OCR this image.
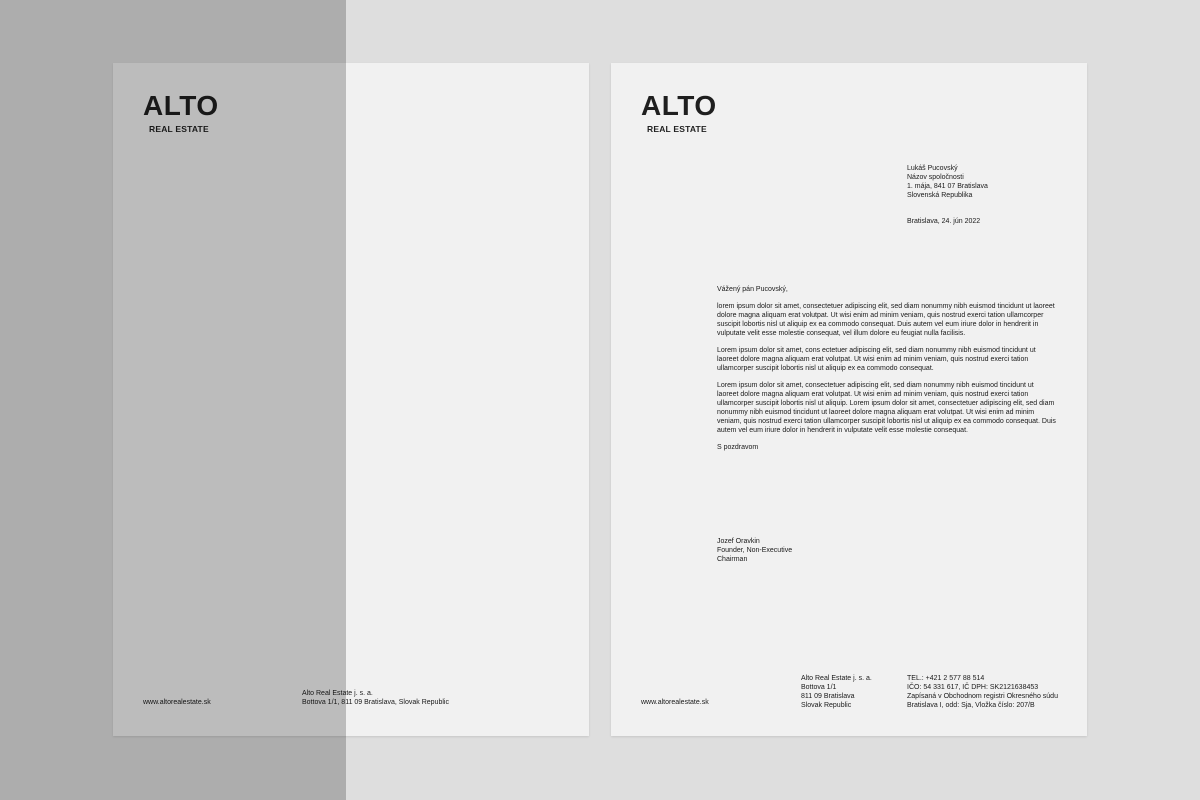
ALTO
REAL ESTATE
www.altorealestate.sk
Alto Real Estate j. s. a.
Bottova 1/1, 811 09 Bratislava, Slovak Republic
ALTO
REAL ESTATE
Lukáš Pucovský
Názov spoločnosti
1. mája, 841 07 Bratislava
Slovenská Republika
Bratislava, 24. jún 2022

Vážený pán Pucovský,

lorem ipsum dolor sit amet, consectetuer adipiscing elit, sed diam nonummy nibh euismod tincidunt ut laoreet dolore magna aliquam erat volutpat. Ut wisi enim ad minim veniam, quis nostrud exerci tation ullamcorper suscipit lobortis nisl ut aliquip ex ea commodo consequat. Duis autem vel eum iriure dolor in hendrerit in vulputate velit esse molestie consequat, vel illum dolore eu feugiat nulla facilisis.

Lorem ipsum dolor sit amet, cons ectetuer adipiscing elit, sed diam nonummy nibh euismod tincidunt ut laoreet dolore magna aliquam erat volutpat. Ut wisi enim ad minim veniam, quis nostrud exerci tation ullamcorper suscipit lobortis nisl ut aliquip ex ea commodo consequat.

Lorem ipsum dolor sit amet, consectetuer adipiscing elit, sed diam nonummy nibh euismod tincidunt ut laoreet dolore magna aliquam erat volutpat. Ut wisi enim ad minim veniam, quis nostrud exerci tation ullamcorper suscipit lobortis nisl ut aliquip. Lorem ipsum dolor sit amet, consectetuer adipiscing elit, sed diam nonummy nibh euismod tincidunt ut laoreet dolore magna aliquam erat volutpat. Ut wisi enim ad minim veniam, quis nostrud exerci tation ullamcorper suscipit lobortis nisl ut aliquip ex ea commodo consequat. Duis autem vel eum iriure dolor in hendrerit in vulputate velit esse molestie consequat.

S pozdravom

Jozef Oravkin
Founder, Non-Executive
Chairman
www.altorealestate.sk
Alto Real Estate j. s. a.
Bottova 1/1
811 09 Bratislava
Slovak Republic
TEL.: +421 2 577 88 514
IČO: 54 331 617, IČ DPH: SK2121638453
Zapísaná v Obchodnom registri Okresného súdu
Bratislava I, odd: Sja, Vložka číslo: 207/B
